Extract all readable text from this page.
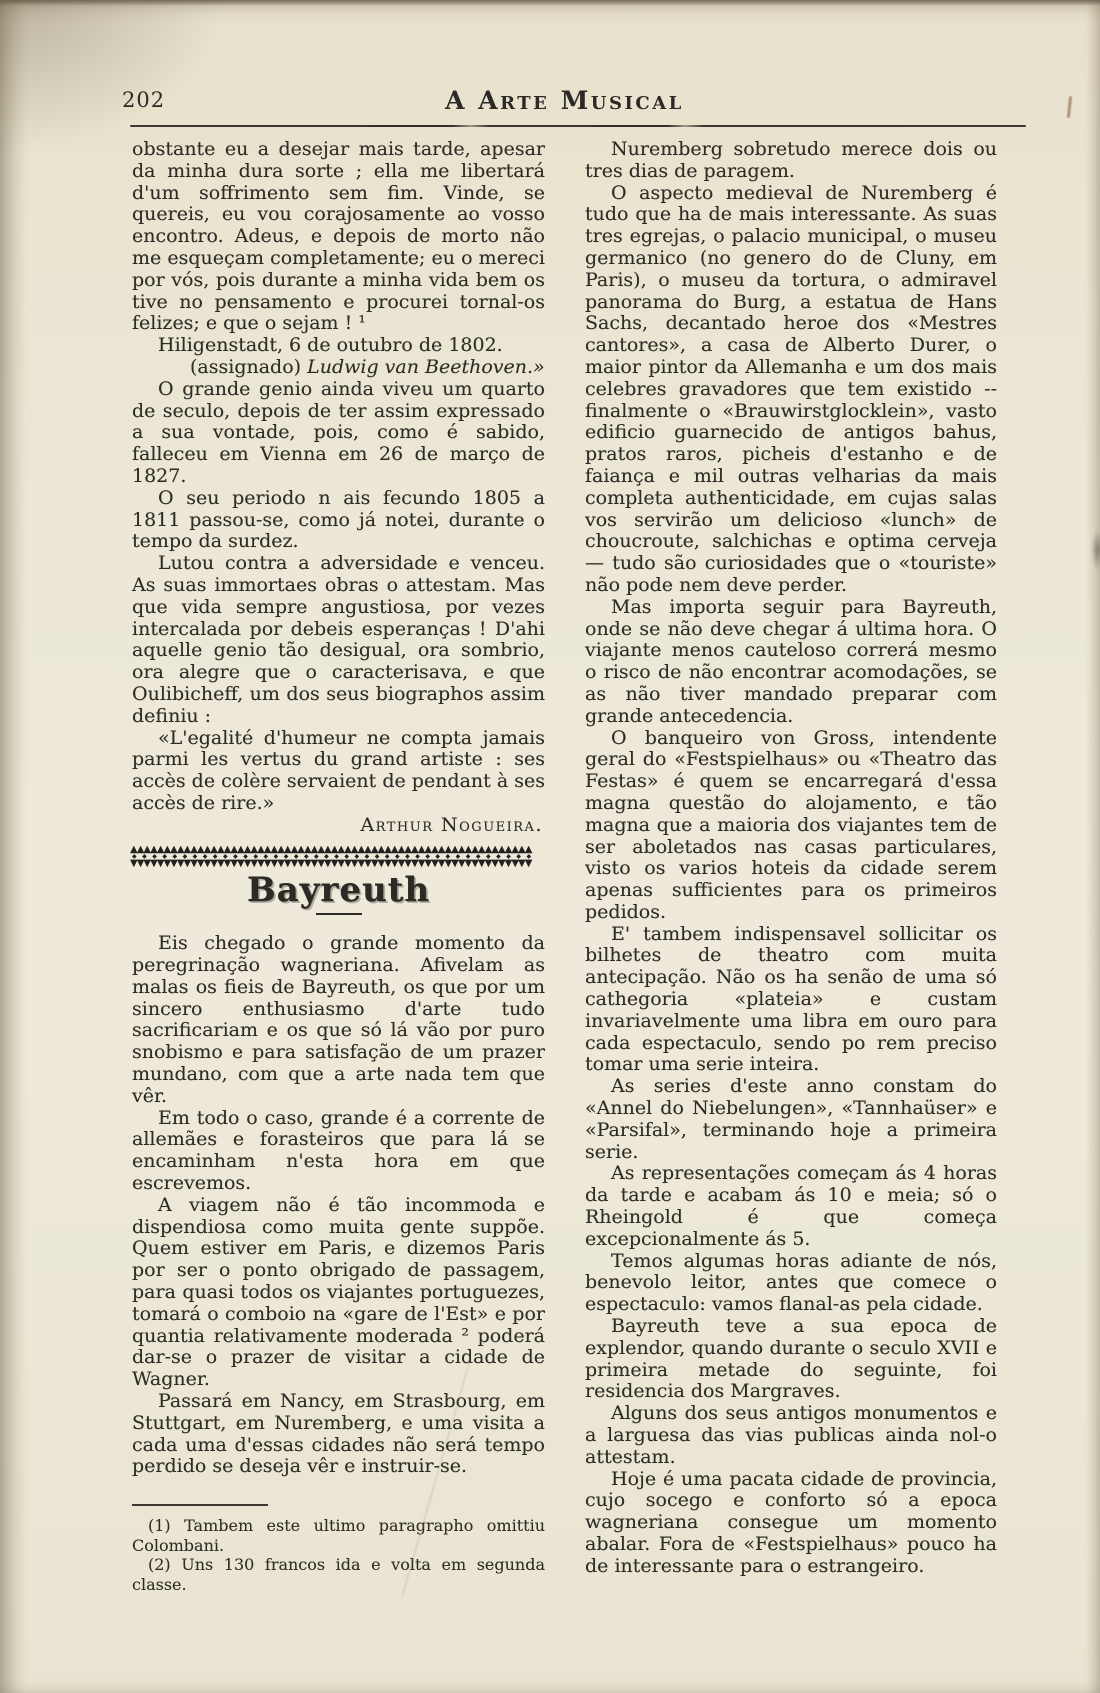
202	A Arte Musical

obstante eu a desejar mais tarde, apesar da minha dura sorte ; ella me libertará d'um soffrimento sem fim. Vinde, se quereis, eu vou corajosamente ao vosso encontro. Adeus, e depois de morto não me esqueçam completamente; eu o mereci por vós, pois durante a minha vida bem os tive no pensamento e procurei tornal-os felizes; e que o sejam ! ¹

Hiligenstadt, 6 de outubro de 1802.

(assignado) Ludwig van Beethoven.»

O grande genio ainda viveu um quarto de seculo, depois de ter assim expressado a sua vontade, pois, como é sabido, falleceu em Vienna em 26 de março de 1827.

O seu periodo n ais fecundo 1805 a 1811 passou-se, como já notei, durante o tempo da surdez.

Lutou contra a adversidade e venceu. As suas immortaes obras o attestam. Mas que vida sempre angustiosa, por vezes intercalada por debeis esperanças ! D'ahi aquelle genio tão desigual, ora sombrio, ora alegre que o caracterisava, e que Oulibicheff, um dos seus biographos assim definiu :

«L'egalité d'humeur ne compta jamais parmi les vertus du grand artiste : ses accès de colère servaient de pendant à ses accès de rire.»

Arthur Nogueira.

▲▲▲▲▲▲▲▲▲▲▲▲▲▲▲▲▲▲▲▲▲▲▲▲▲▲▲▲▲▲▲▲▲▲▲▲▲▲▲▲▲▲▲▲▲▲▲▲▲▲▲▲▲▲▲▲▲▲▲▲
◆◆◆◆◆◆◆◆◆◆◆◆◆◆◆◆◆◆◆◆◆◆◆◆◆◆◆◆◆◆◆◆◆◆◆◆◆◆◆◆
▼▼▼▼▼▼▼▼▼▼▼▼▼▼▼▼▼▼▼▼▼▼▼▼▼▼▼▼▼▼▼▼▼▼▼▼▼▼▼▼▼▼▼▼▼▼▼▼▼▼▼▼▼▼▼▼▼▼▼▼
Bayreuth

Eis chegado o grande momento da peregrinação wagneriana. Afivelam as malas os fieis de Bayreuth, os que por um sincero enthusiasmo d'arte tudo sacrificariam e os que só lá vão por puro snobismo e para satisfação de um prazer mundano, com que a arte nada tem que vêr.

Em todo o caso, grande é a corrente de allemães e forasteiros que para lá se encaminham n'esta hora em que escrevemos.

A viagem não é tão incommoda e dispendiosa como muita gente suppõe. Quem estiver em Paris, e dizemos Paris por ser o ponto obrigado de passagem, para quasi todos os viajantes portuguezes, tomará o comboio na «gare de l'Est» e por quantia relativamente moderada ² poderá dar-se o prazer de visitar a cidade de Wagner.

Passará em Nancy, em Strasbourg, em Stuttgart, em Nuremberg, e uma visita a cada uma d'essas cidades não será tempo perdido se deseja vêr e instruir-se.

(1) Tambem este ultimo paragrapho omittiu Colombani.

(2) Uns 130 francos ida e volta em segunda classe.

Nuremberg sobretudo merece dois ou tres dias de paragem.

O aspecto medieval de Nuremberg é tudo que ha de mais interessante. As suas tres egrejas, o palacio municipal, o museu germanico (no genero do de Cluny, em Paris), o museu da tortura, o admiravel panorama do Burg, a estatua de Hans Sachs, decantado heroe dos «Mestres cantores», a casa de Alberto Durer, o maior pintor da Allemanha e um dos mais celebres gravadores que tem existido -- finalmente o «Brauwirstglocklein», vasto edificio guarnecido de antigos bahus, pratos raros, picheis d'estanho e de faiança e mil outras velharias da mais completa authenticidade, em cujas salas vos servirão um delicioso «lunch» de choucroute, salchichas e optima cerveja — tudo são curiosidades que o «touriste» não pode nem deve perder.

Mas importa seguir para Bayreuth, onde se não deve chegar á ultima hora. O viajante menos cauteloso correrá mesmo o risco de não encontrar acomodações, se as não tiver mandado preparar com grande antecedencia.

O banqueiro von Gross, intendente geral do «Festspielhaus» ou «Theatro das Festas» é quem se encarregará d'essa magna questão do alojamento, e tão magna que a maioria dos viajantes tem de ser aboletados nas casas particulares, visto os varios hoteis da cidade serem apenas sufficientes para os primeiros pedidos.

E' tambem indispensavel sollicitar os bilhetes de theatro com muita antecipação. Não os ha senão de uma só cathegoria «plateia» e custam invariavelmente uma libra em ouro para cada espectaculo, sendo po rem preciso tomar uma serie inteira.

As series d'este anno constam do «Annel do Niebelungen», «Tannhaüser» e «Parsifal», terminando hoje a primeira serie.

As representações começam ás 4 horas da tarde e acabam ás 10 e meia; só o Rheingold é que começa excepcionalmente ás 5.

Temos algumas horas adiante de nós, benevolo leitor, antes que comece o espectaculo: vamos flanal-as pela cidade.

Bayreuth teve a sua epoca de explendor, quando durante o seculo XVII e primeira metade do seguinte, foi residencia dos Margraves.

Alguns dos seus antigos monumentos e a larguesa das vias publicas ainda nol-o attestam.

Hoje é uma pacata cidade de provincia, cujo socego e conforto só a epoca wagneriana consegue um momento abalar. Fora de «Festspielhaus» pouco ha de interessante para o estrangeiro.
